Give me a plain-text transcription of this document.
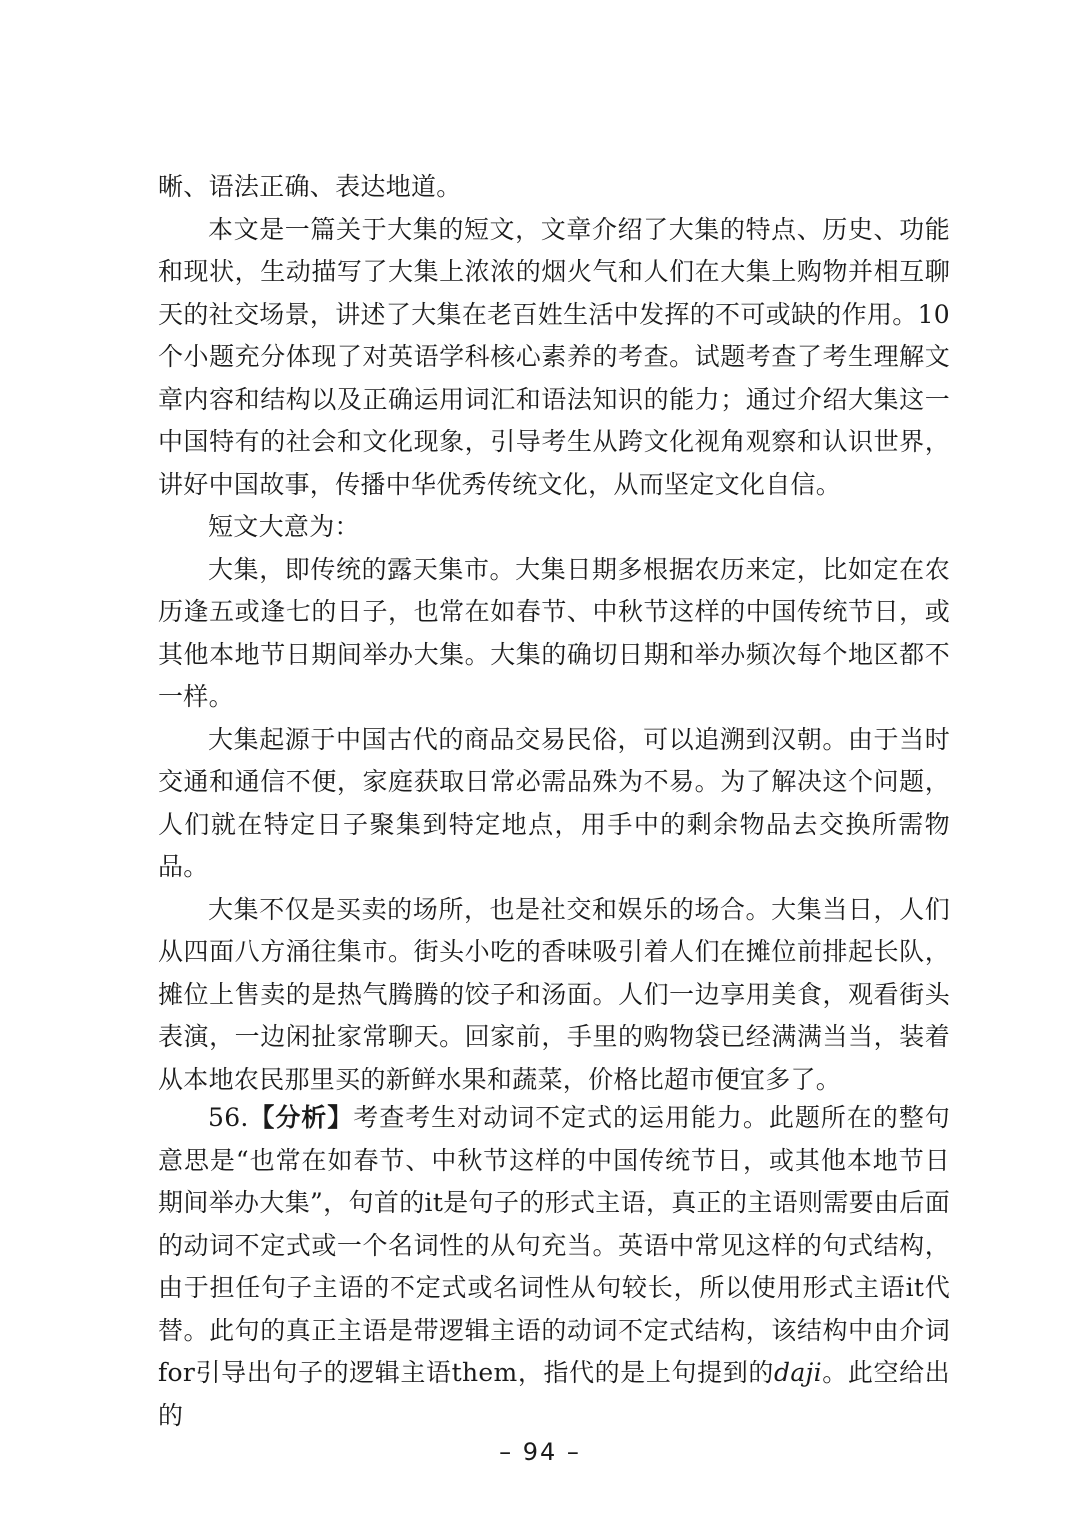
晰、语法正确、表达地道。

本文是一篇关于大集的短文，文章介绍了大集的特点、历史、功能和现状，生动描写了大集上浓浓的烟火气和人们在大集上购物并相互聊天的社交场景，讲述了大集在老百姓生活中发挥的不可或缺的作用。10个小题充分体现了对英语学科核心素养的考查。试题考查了考生理解文章内容和结构以及正确运用词汇和语法知识的能力；通过介绍大集这一中国特有的社会和文化现象，引导考生从跨文化视角观察和认识世界，讲好中国故事，传播中华优秀传统文化，从而坚定文化自信。

短文大意为：

大集，即传统的露天集市。大集日期多根据农历来定，比如定在农历逢五或逢七的日子，也常在如春节、中秋节这样的中国传统节日，或其他本地节日期间举办大集。大集的确切日期和举办频次每个地区都不一样。

大集起源于中国古代的商品交易民俗，可以追溯到汉朝。由于当时交通和通信不便，家庭获取日常必需品殊为不易。为了解决这个问题，人们就在特定日子聚集到特定地点，用手中的剩余物品去交换所需物品。

大集不仅是买卖的场所，也是社交和娱乐的场合。大集当日，人们从四面八方涌往集市。街头小吃的香味吸引着人们在摊位前排起长队，摊位上售卖的是热气腾腾的饺子和汤面。人们一边享用美食，观看街头表演，一边闲扯家常聊天。回家前，手里的购物袋已经满满当当，装着从本地农民那里买的新鲜水果和蔬菜，价格比超市便宜多了。

56.【分析】考查考生对动词不定式的运用能力。此题所在的整句意思是“也常在如春节、中秋节这样的中国传统节日，或其他本地节日期间举办大集”，句首的it是句子的形式主语，真正的主语则需要由后面的动词不定式或一个名词性的从句充当。英语中常见这样的句式结构，由于担任句子主语的不定式或名词性从句较长，所以使用形式主语it代替。此句的真正主语是带逻辑主语的动词不定式结构，该结构中由介词for引导出句子的逻辑主语them，指代的是上句提到的daji。此空给出的

– 94 –
